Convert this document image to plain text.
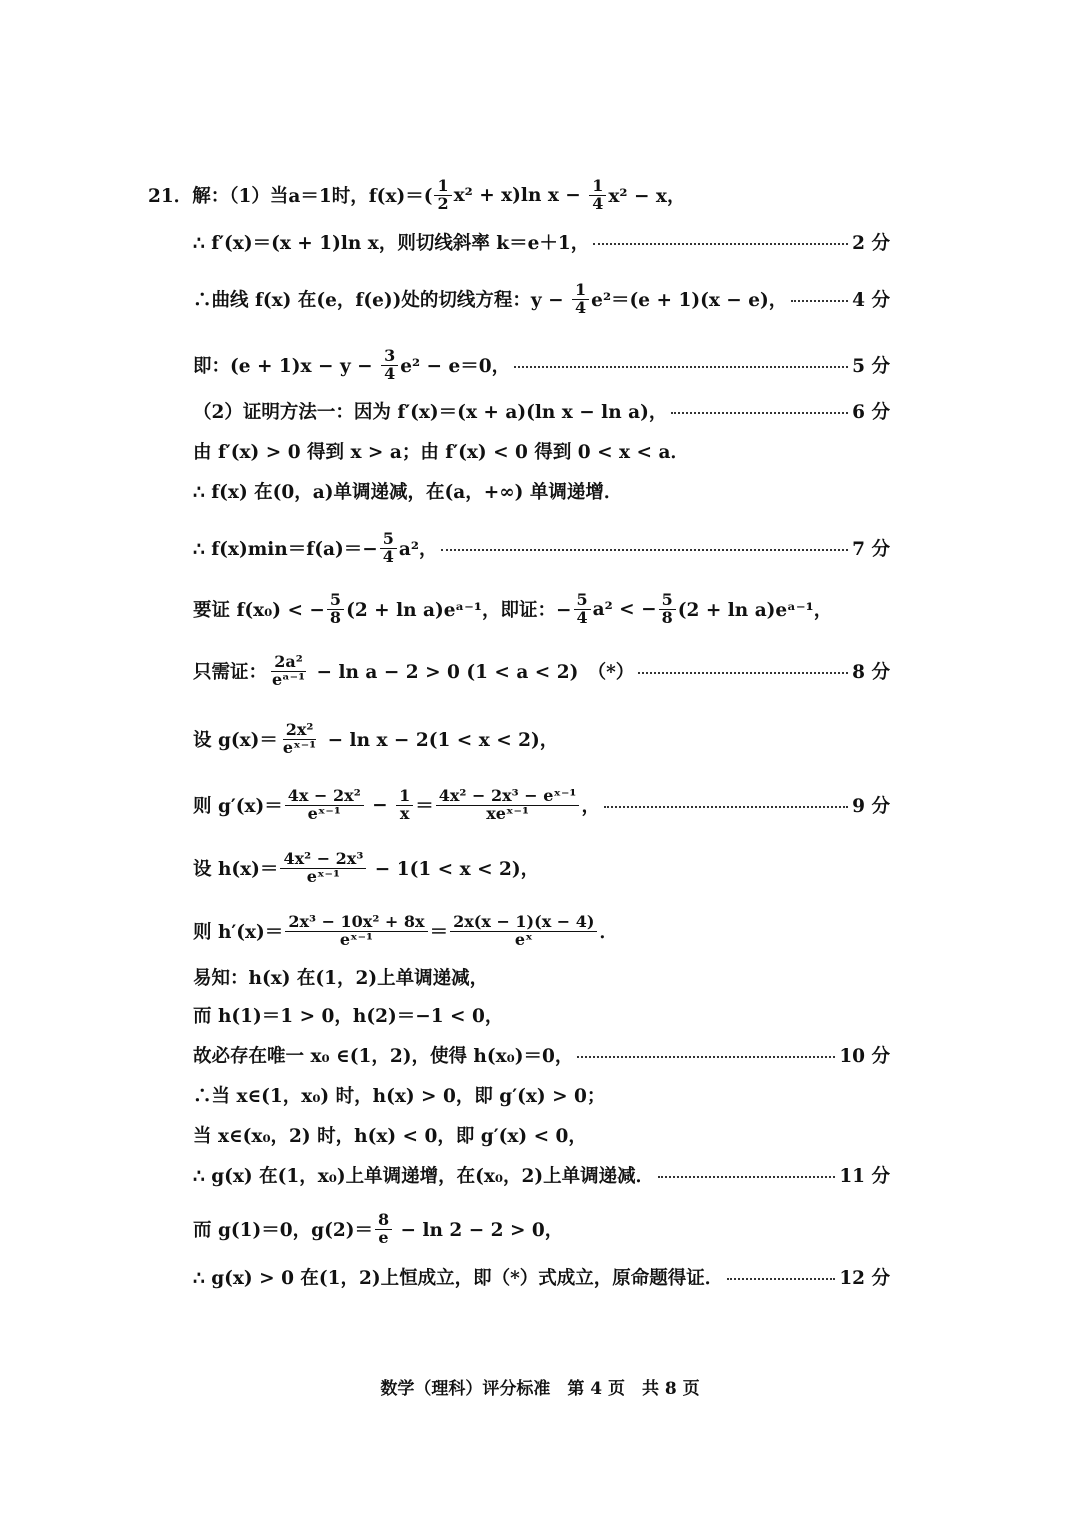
21．解：（1）当a＝1时，$f(x)=( \frac{1}{2} x^2 + x)\ln$ $x - \frac{1}{4} x^2 - x$，
∴ f′(x)＝(x + 1)ln x，则切线斜率 k＝e＋1，	2 分
∴曲线 f(x) 在(e，f(e))处的切线方程：$y - \frac{1}{4} e^2=(e + 1)(x - e)$，	4 分
即：$(e + 1)x - y - \frac{3}{4} e^2 - e=0$，	5 分
（2）证明方法一：因为 f′(x)＝(x + a)(ln x − ln a)，	6 分
由 f′(x) > 0 得到 x > a；由 f′(x) < 0 得到 0 < x < a．
∴ f(x) 在(0，a)单调递减，在(a，+∞) 单调递增．
∴ $f(x)\min=f(a)=- \frac{5}{4} a^2$，	7 分
要证 f(x₀) < − $\frac{5}{8} (2 + \ln$ a)eᵃ⁻¹，即证：− $\frac{5}{4} a^2$ < − $\frac{5}{8} (2 + \ln$ a)eᵃ⁻¹，
只需证： $\frac{\text{2a²}}{\text{eᵃ⁻¹}} - \ln a - 2 > 0$ (1 < a < 2)　（*）	8 分
设 $g(x)= \frac{\text{2x²}}{\text{eˣ⁻¹}} - \ln x - 2(1 < x < 2)$，
则 $g'(x)= \frac{\text{4x − 2x²}}{\text{eˣ⁻¹}} - \frac{1}{x} = \frac{\text{4x² − 2x³ − eˣ⁻¹}}{\text{xeˣ⁻¹}}$ ，	9 分
设 $h(x)= \frac{\text{4x² − 2x³}}{\text{eˣ⁻¹}} - 1(1 < x < 2)$，
则 $h'(x)= \frac{\text{2x³ − 10x² + 8x}}{\text{eˣ⁻¹}} = \frac{2x(x - 1)(x - 4)}{\text{eˣ}}$ ．
易知：h(x) 在(1，2)上单调递减，
而 h(1)＝1 > 0，h(2)＝−1 < 0，
故必存在唯一 x₀ ∈(1，2)，使得 h(x₀)＝0，	10 分
∴当 x∈(1，x₀) 时，h(x) > 0，即 g′(x) > 0；
当 x∈(x₀，2) 时，h(x) < 0，即 g′(x) < 0，
∴ g(x) 在(1，x₀)上单调递增，在(x₀，2)上单调递减．	11 分
而 g(1)＝0，$g(2)= \frac{8}{e} - \ln 2 - 2 > 0$，
∴ g(x) > 0 在(1，2)上恒成立，即（*）式成立，原命题得证．	12 分
数学（理科）评分标准　第 4 页　共 8 页
